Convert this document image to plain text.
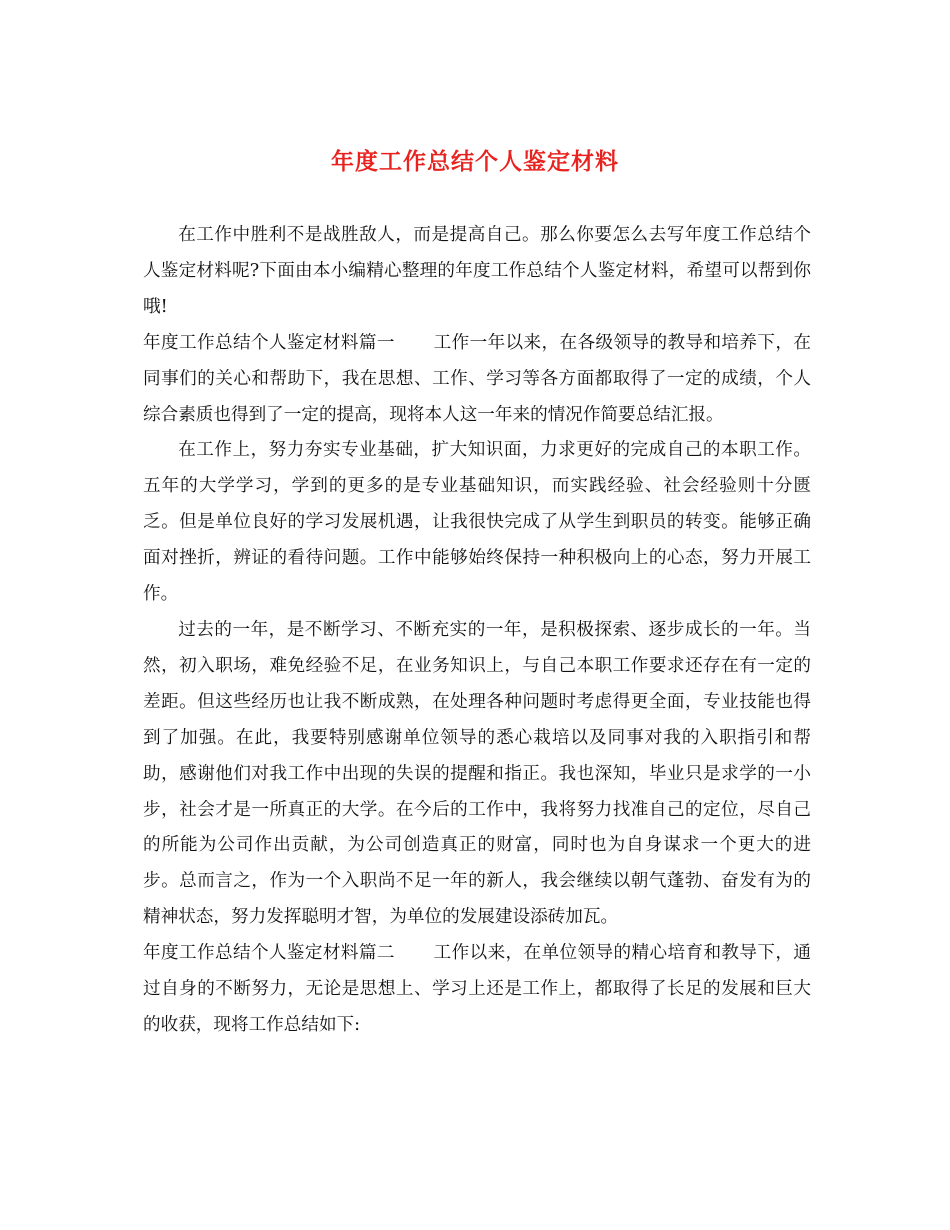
年度工作总结个人鉴定材料

在工作中胜利不是战胜敌人，而是提高自己。那么你要怎么去写年度工作总结个人鉴定材料呢?下面由本小编精心整理的年度工作总结个人鉴定材料，希望可以帮到你哦!

年度工作总结个人鉴定材料篇一 工作一年以来，在各级领导的教导和培养下，在同事们的关心和帮助下，我在思想、工作、学习等各方面都取得了一定的成绩，个人综合素质也得到了一定的提高，现将本人这一年来的情况作简要总结汇报。

在工作上，努力夯实专业基础，扩大知识面，力求更好的完成自己的本职工作。五年的大学学习，学到的更多的是专业基础知识，而实践经验、社会经验则十分匮乏。但是单位良好的学习发展机遇，让我很快完成了从学生到职员的转变。能够正确面对挫折，辨证的看待问题。工作中能够始终保持一种积极向上的心态，努力开展工作。

过去的一年，是不断学习、不断充实的一年，是积极探索、逐步成长的一年。当然，初入职场，难免经验不足，在业务知识上，与自己本职工作要求还存在有一定的差距。但这些经历也让我不断成熟，在处理各种问题时考虑得更全面，专业技能也得到了加强。在此，我要特别感谢单位领导的悉心栽培以及同事对我的入职指引和帮助，感谢他们对我工作中出现的失误的提醒和指正。我也深知，毕业只是求学的一小步，社会才是一所真正的大学。在今后的工作中，我将努力找准自己的定位，尽自己的所能为公司作出贡献，为公司创造真正的财富，同时也为自身谋求一个更大的进步。总而言之，作为一个入职尚不足一年的新人，我会继续以朝气蓬勃、奋发有为的精神状态，努力发挥聪明才智，为单位的发展建设添砖加瓦。

年度工作总结个人鉴定材料篇二 工作以来，在单位领导的精心培育和教导下，通过自身的不断努力，无论是思想上、学习上还是工作上，都取得了长足的发展和巨大的收获，现将工作总结如下:
